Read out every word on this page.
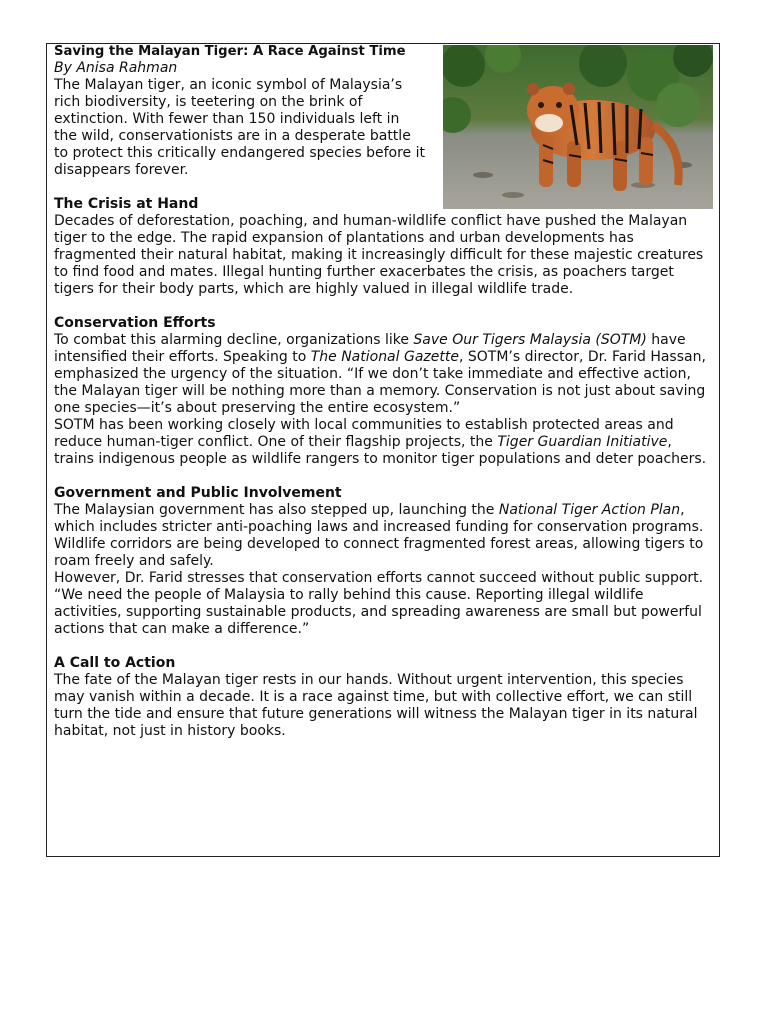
Saving the Malayan Tiger: A Race Against Time
By Anisa Rahman

The Malayan tiger, an iconic symbol of Malaysia’s rich biodiversity, is teetering on the brink of extinction. With fewer than 150 individuals left in the wild, conservationists are in a desperate battle to protect this critically endangered species before it disappears forever.

The Crisis at Hand

Decades of deforestation, poaching, and human-wildlife conflict have pushed the Malayan tiger to the edge. The rapid expansion of plantations and urban developments has fragmented their natural habitat, making it increasingly difficult for these majestic creatures to find food and mates. Illegal hunting further exacerbates the crisis, as poachers target tigers for their body parts, which are highly valued in illegal wildlife trade.

Conservation Efforts

To combat this alarming decline, organizations like Save Our Tigers Malaysia (SOTM) have intensified their efforts. Speaking to The National Gazette, SOTM’s director, Dr. Farid Hassan, emphasized the urgency of the situation. “If we don’t take immediate and effective action, the Malayan tiger will be nothing more than a memory. Conservation is not just about saving one species—it’s about preserving the entire ecosystem.”

SOTM has been working closely with local communities to establish protected areas and reduce human-tiger conflict. One of their flagship projects, the Tiger Guardian Initiative, trains indigenous people as wildlife rangers to monitor tiger populations and deter poachers.

Government and Public Involvement

The Malaysian government has also stepped up, launching the National Tiger Action Plan, which includes stricter anti-poaching laws and increased funding for conservation programs. Wildlife corridors are being developed to connect fragmented forest areas, allowing tigers to roam freely and safely.

However, Dr. Farid stresses that conservation efforts cannot succeed without public support. “We need the people of Malaysia to rally behind this cause. Reporting illegal wildlife activities, supporting sustainable products, and spreading awareness are small but powerful actions that can make a difference.”

A Call to Action

The fate of the Malayan tiger rests in our hands. Without urgent intervention, this species may vanish within a decade. It is a race against time, but with collective effort, we can still turn the tide and ensure that future generations will witness the Malayan tiger in its natural habitat, not just in history books.
